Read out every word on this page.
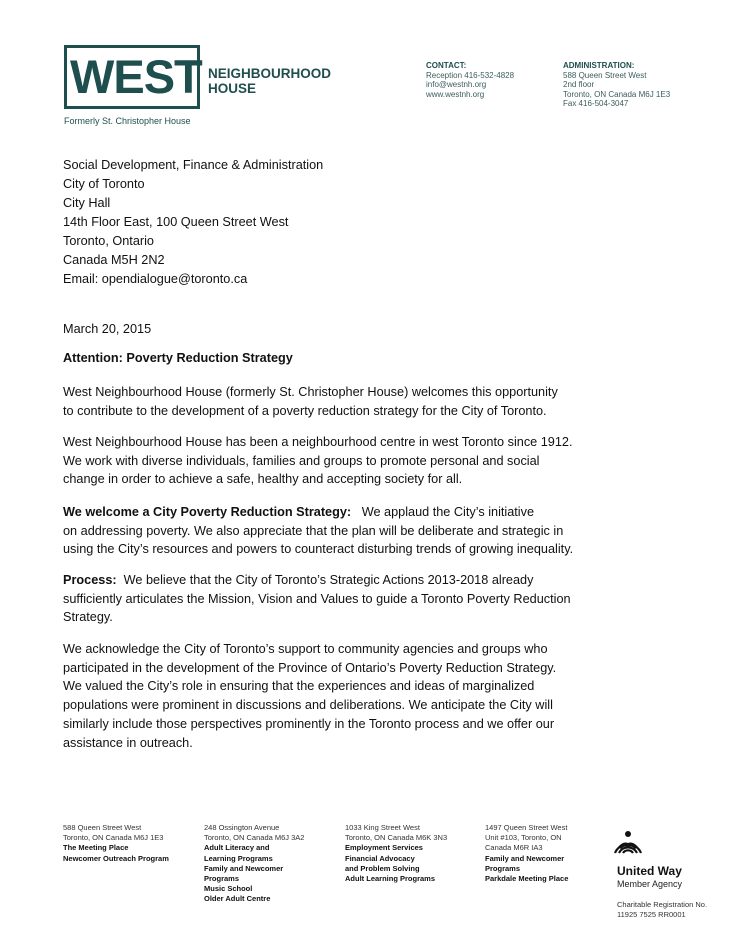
WEST NEIGHBOURHOOD
HOUSE
Formerly St. Christopher House
CONTACT:
Reception 416-532-4828
info@westnh.org
www.westnh.org
ADMINISTRATION:
588 Queen Street West
2nd floor
Toronto, ON Canada M6J 1E3
Fax 416-504-3047
Social Development, Finance & Administration
City of Toronto
City Hall
14th Floor East, 100 Queen Street West
Toronto, Ontario
Canada M5H 2N2
Email: opendialogue@toronto.ca
March 20, 2015
Attention: Poverty Reduction Strategy
West Neighbourhood House (formerly St. Christopher House) welcomes this opportunity
to contribute to the development of a poverty reduction strategy for the City of Toronto.
West Neighbourhood House has been a neighbourhood centre in west Toronto since 1912.
We work with diverse individuals, families and groups to promote personal and social
change in order to achieve a safe, healthy and accepting society for all.
We welcome a City Poverty Reduction Strategy:   We applaud the City’s initiative
on addressing poverty. We also appreciate that the plan will be deliberate and strategic in
using the City’s resources and powers to counteract disturbing trends of growing inequality.
Process:  We believe that the City of Toronto’s Strategic Actions 2013-2018 already
sufficiently articulates the Mission, Vision and Values to guide a Toronto Poverty Reduction
Strategy.
We acknowledge the City of Toronto’s support to community agencies and groups who
participated in the development of the Province of Ontario’s Poverty Reduction Strategy.
We valued the City’s role in ensuring that the experiences and ideas of marginalized
populations were prominent in discussions and deliberations. We anticipate the City will
similarly include those perspectives prominently in the Toronto process and we offer our
assistance in outreach.
588 Queen Street West
Toronto, ON Canada M6J 1E3
The Meeting Place
Newcomer Outreach Program
248 Ossington Avenue
Toronto, ON Canada M6J 3A2
Adult Literacy and
Learning Programs
Family and Newcomer
Programs
Music School
Older Adult Centre
1033 King Street West
Toronto, ON Canada M6K 3N3
Employment Services
Financial Advocacy
and Problem Solving
Adult Learning Programs
1497 Queen Street West
Unit #103, Toronto, ON
Canada M6R IA3
Family and Newcomer
Programs
Parkdale Meeting Place
United Way
Member Agency
Charitable Registration No.
11925 7525 RR0001
